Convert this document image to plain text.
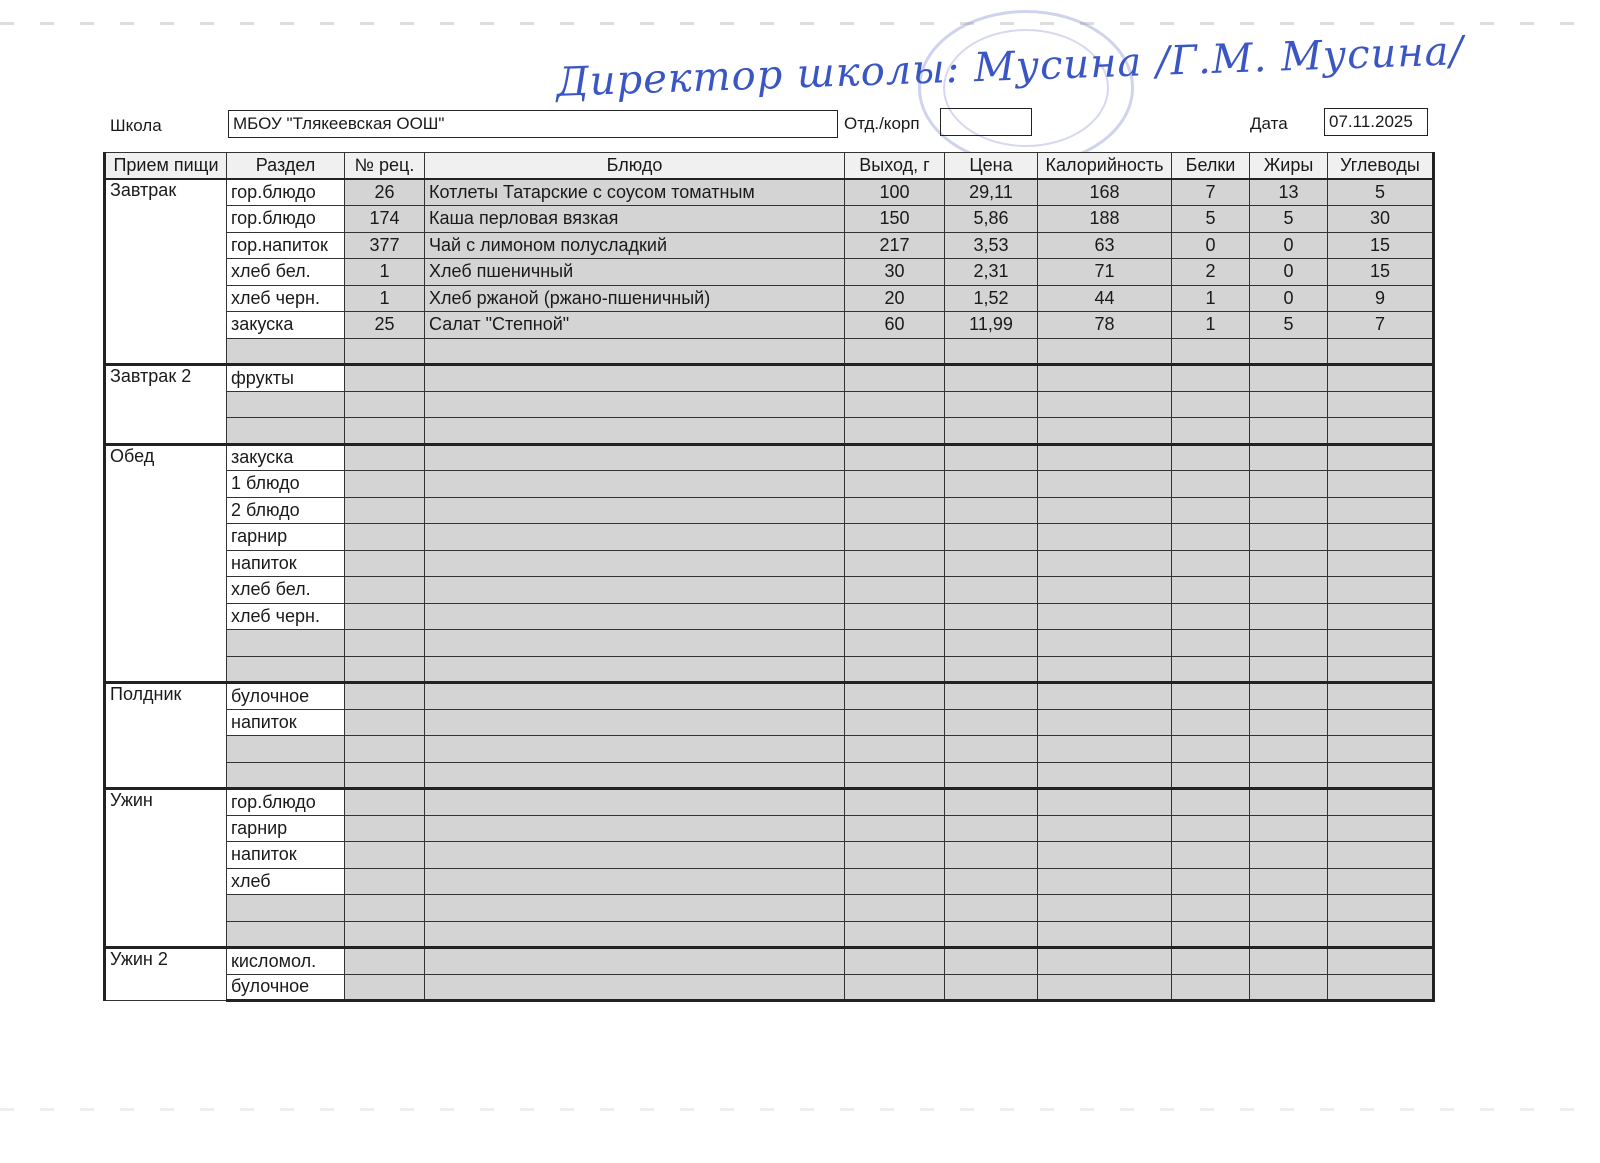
Директор школы: Мусина /Г.М. Мусина/
Школа	МБОУ "Тлякеевская ООШ"	Отд./корп	Дата 07.11.2025
Прием пищи	Раздел	№ рец.	Блюдо	Выход, г	Цена	Калорийность	Белки	Жиры	Углеводы
Завтрак	гор.блюдо	26	Котлеты Татарские с соусом томатным	100	29,11	168	7	13	5
	гор.блюдо	174	Каша перловая вязкая	150	5,86	188	5	5	30
	гор.напиток	377	Чай с лимоном полусладкий	217	3,53	63	0	0	15
	хлеб бел.	1	Хлеб пшеничный	30	2,31	71	2	0	15
	хлеб черн.	1	Хлеб ржаной (ржано-пшеничный)	20	1,52	44	1	0	9
	закуска	25	Салат "Степной"	60	11,99	78	1	5	7

Завтрак 2	фрукты								

Обед	закуска								
	1 блюдо								
	2 блюдо								
	гарнир								
	напиток								
	хлеб бел.								
	хлеб черн.								

Полдник	булочное								
	напиток								

Ужин	гор.блюдо								
	гарнир								
	напиток								
	хлеб								

Ужин 2	кисломол.								
	булочное								
